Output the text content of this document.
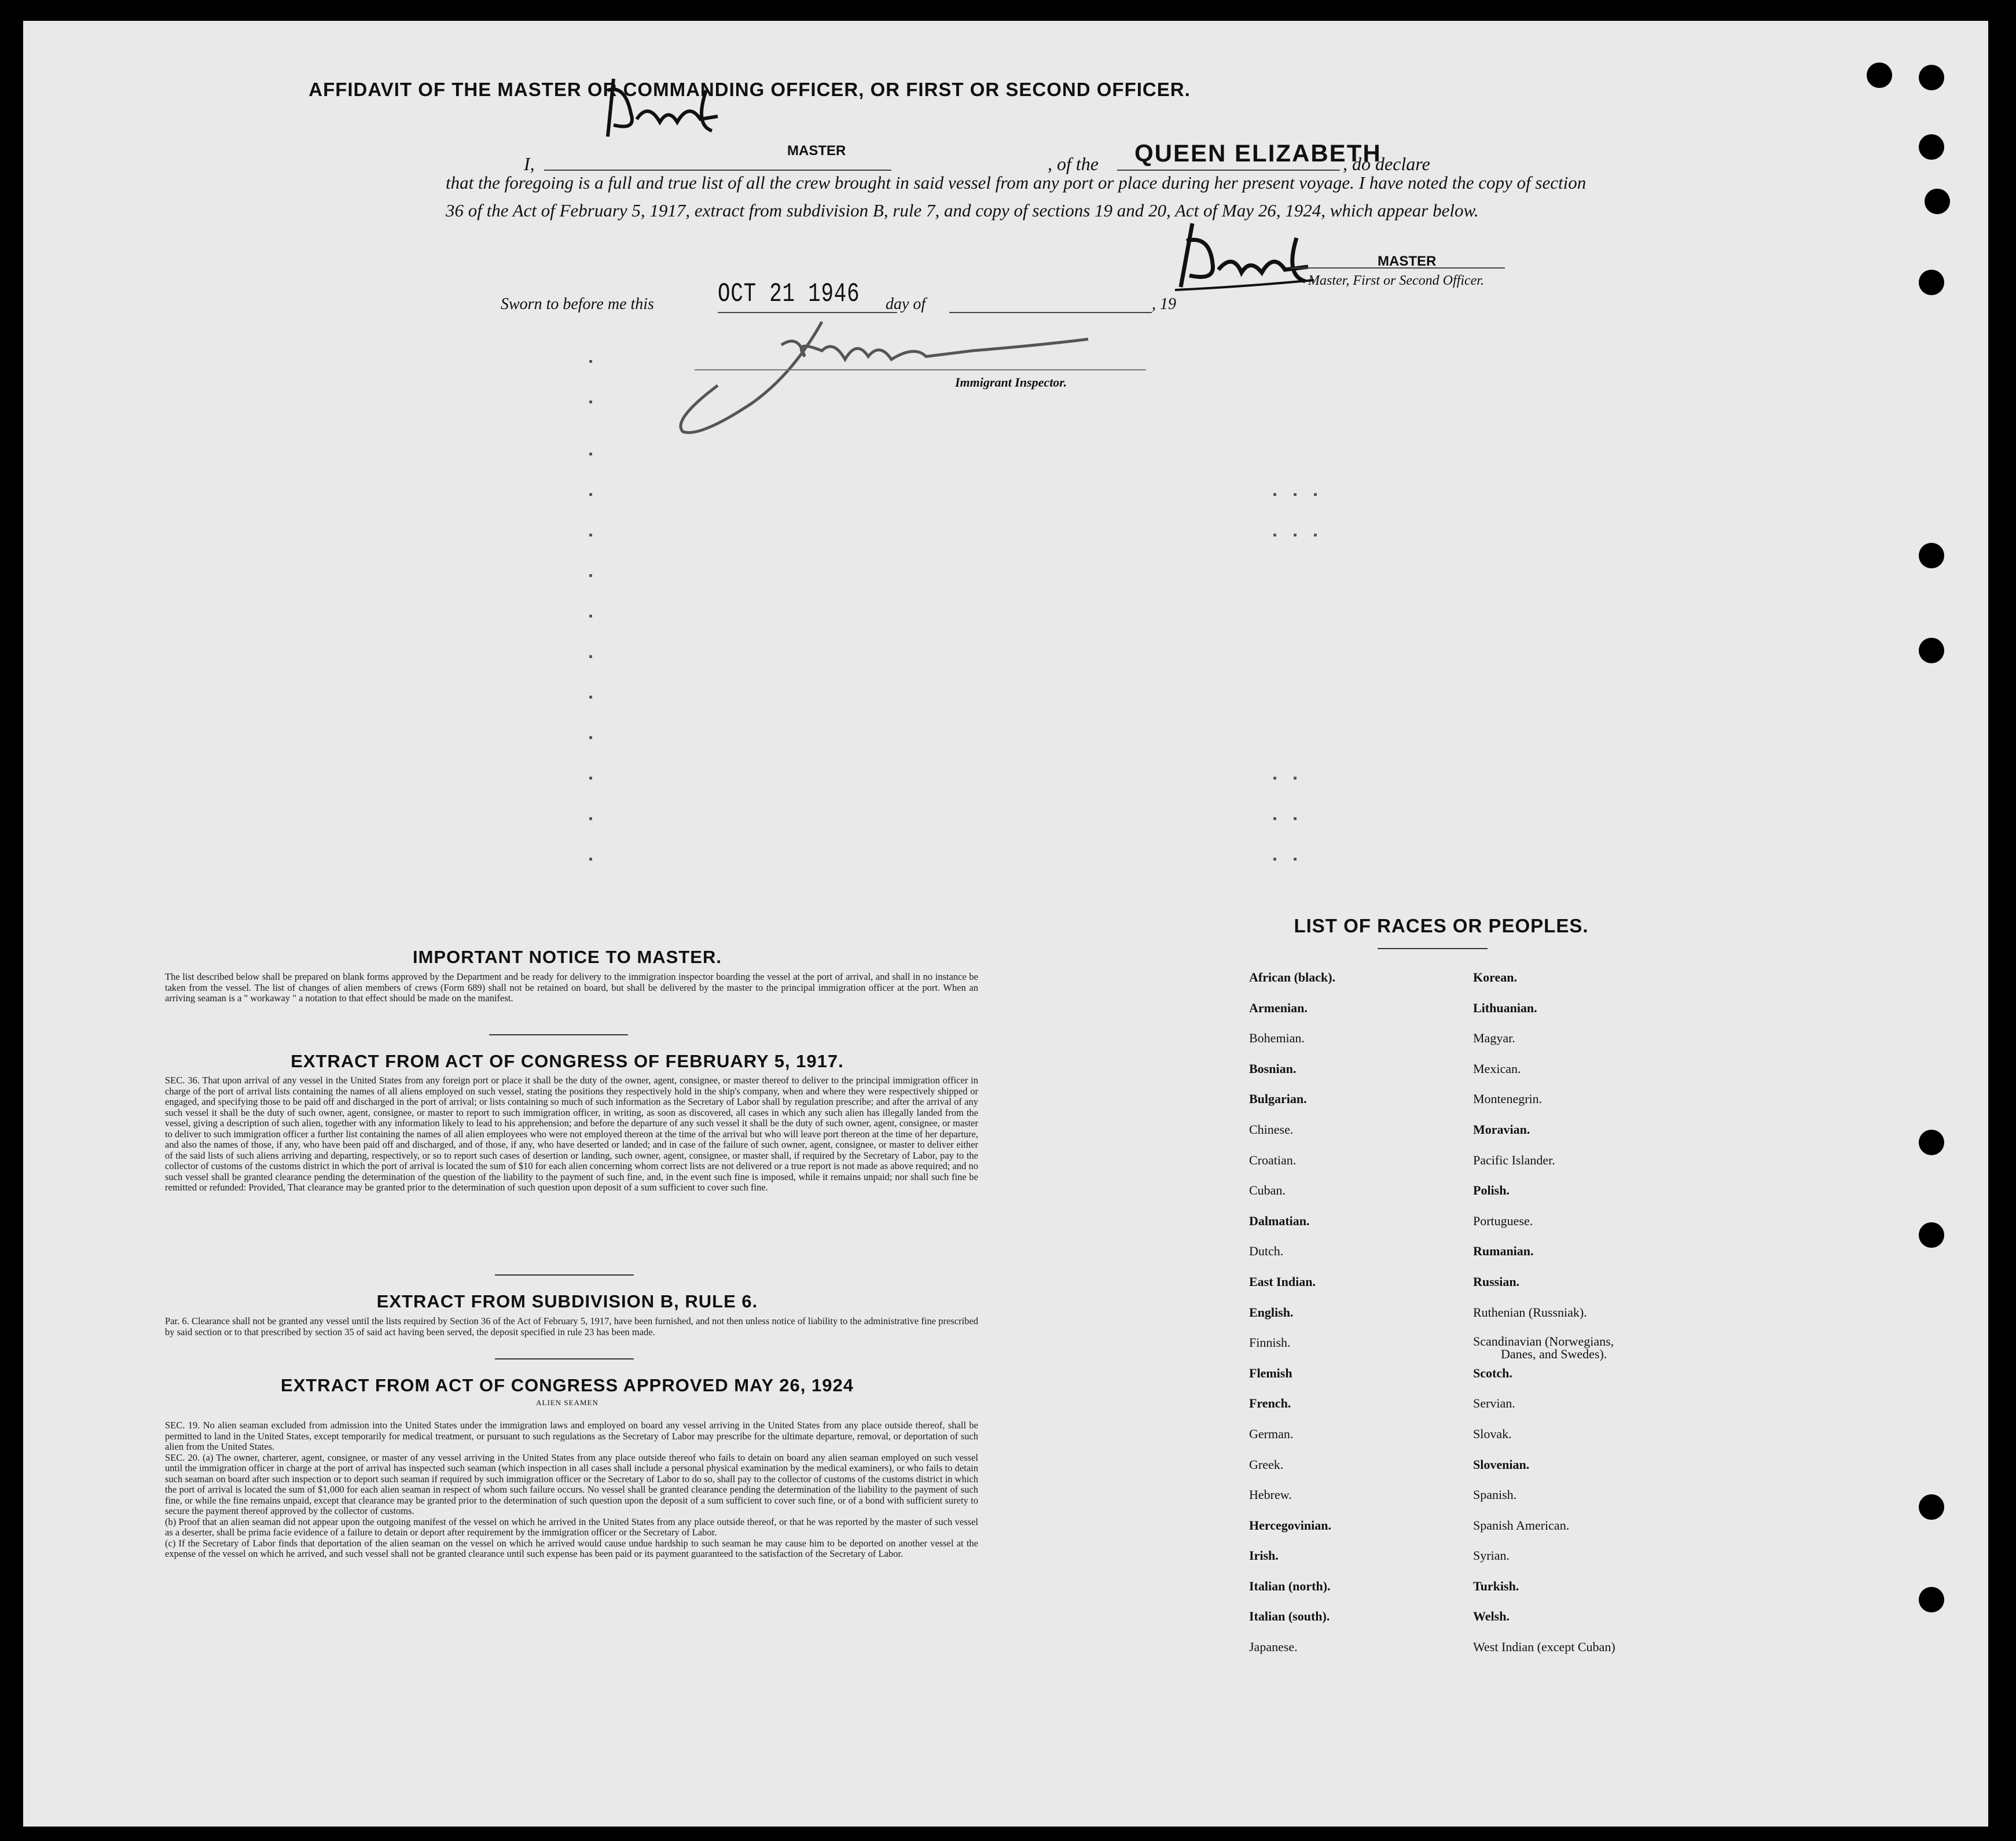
AFFIDAVIT OF THE MASTER OR COMMANDING OFFICER, OR FIRST OR SECOND OFFICER.
I,
MASTER
, of the QUEEN ELIZABETH
, do declare
that the foregoing is a full and true list of all the crew brought in said vessel from any port or place during her present voyage. I have noted the copy of section 36 of the Act of February 5, 1917, extract from subdivision B, rule 7, and copy of sections 19 and 20, Act of May 26, 1924, which appear below.
MASTER
Master, First or Second Officer.
Sworn to before me this OCT 21 1946 day of	, 19
Immigrant Inspector.
IMPORTANT NOTICE TO MASTER.
The list described below shall be prepared on blank forms approved by the Department and be ready for delivery to the immigration inspector boarding the vessel at the port of arrival, and shall in no instance be taken from the vessel. The list of changes of alien members of crews (Form 689) shall not be retained on board, but shall be delivered by the master to the principal immigration officer at the port. When an arriving seaman is a " workaway " a notation to that effect should be made on the manifest.
EXTRACT FROM ACT OF CONGRESS OF FEBRUARY 5, 1917.
SEC. 36. That upon arrival of any vessel in the United States from any foreign port or place it shall be the duty of the owner, agent, consignee, or master thereof to deliver to the principal immigration officer in charge of the port of arrival lists containing the names of all aliens employed on such vessel, stating the positions they respectively hold in the ship's company, when and where they were respectively shipped or engaged, and specifying those to be paid off and discharged in the port of arrival; or lists containing so much of such information as the Secretary of Labor shall by regulation prescribe; and after the arrival of any such vessel it shall be the duty of such owner, agent, consignee, or master to report to such immigration officer, in writing, as soon as discovered, all cases in which any such alien has illegally landed from the vessel, giving a description of such alien, together with any information likely to lead to his apprehension; and before the departure of any such vessel it shall be the duty of such owner, agent, consignee, or master to deliver to such immigration officer a further list containing the names of all alien employees who were not employed thereon at the time of the arrival but who will leave port thereon at the time of her departure, and also the names of those, if any, who have been paid off and discharged, and of those, if any, who have deserted or landed; and in case of the failure of such owner, agent, consignee, or master to deliver either of the said lists of such aliens arriving and departing, respectively, or so to report such cases of desertion or landing, such owner, agent, consignee, or master shall, if required by the Secretary of Labor, pay to the collector of customs of the customs district in which the port of arrival is located the sum of $10 for each alien concerning whom correct lists are not delivered or a true report is not made as above required; and no such vessel shall be granted clearance pending the determination of the question of the liability to the payment of such fine, and, in the event such fine is imposed, while it remains unpaid; nor shall such fine be remitted or refunded: Provided, That clearance may be granted prior to the determination of such question upon deposit of a sum sufficient to cover such fine.
EXTRACT FROM SUBDIVISION B, RULE 6.
Par. 6. Clearance shall not be granted any vessel until the lists required by Section 36 of the Act of February 5, 1917, have been furnished, and not then unless notice of liability to the administrative fine prescribed by said section or to that prescribed by section 35 of said act having been served, the deposit specified in rule 23 has been made.
EXTRACT FROM ACT OF CONGRESS APPROVED MAY 26, 1924
ALIEN SEAMEN
SEC. 19. No alien seaman excluded from admission into the United States under the immigration laws and employed on board any vessel arriving in the United States from any place outside thereof, shall be permitted to land in the United States, except temporarily for medical treatment, or pursuant to such regulations as the Secretary of Labor may prescribe for the ultimate departure, removal, or deportation of such alien from the United States.
SEC. 20. (a) The owner, charterer, agent, consignee, or master of any vessel arriving in the United States from any place outside thereof who fails to detain on board any alien seaman employed on such vessel until the immigration officer in charge at the port of arrival has inspected such seaman (which inspection in all cases shall include a personal physical examination by the medical examiners), or who fails to detain such seaman on board after such inspection or to deport such seaman if required by such immigration officer or the Secretary of Labor to do so, shall pay to the collector of customs of the customs district in which the port of arrival is located the sum of $1,000 for each alien seaman in respect of whom such failure occurs. No vessel shall be granted clearance pending the determination of the liability to the payment of such fine, or while the fine remains unpaid, except that clearance may be granted prior to the determination of such question upon the deposit of a sum sufficient to cover such fine, or of a bond with sufficient surety to secure the payment thereof approved by the collector of customs.
(b) Proof that an alien seaman did not appear upon the outgoing manifest of the vessel on which he arrived in the United States from any place outside thereof, or that he was reported by the master of such vessel as a deserter, shall be prima facie evidence of a failure to detain or deport after requirement by the immigration officer or the Secretary of Labor.
(c) If the Secretary of Labor finds that deportation of the alien seaman on the vessel on which he arrived would cause undue hardship to such seaman he may cause him to be deported on another vessel at the expense of the vessel on which he arrived, and such vessel shall not be granted clearance until such expense has been paid or its payment guaranteed to the satisfaction of the Secretary of Labor.
LIST OF RACES OR PEOPLES.
African (black).
Armenian.
Bohemian.
Bosnian.
Bulgarian.
Chinese.
Croatian.
Cuban.
Dalmatian.
Dutch.
East Indian.
English.
Finnish.
Flemish
French.
German.
Greek.
Hebrew.
Hercegovinian.
Irish.
Italian (north).
Italian (south).
Japanese.
Korean.
Lithuanian.
Magyar.
Mexican.
Montenegrin.
Moravian.
Pacific Islander.
Polish.
Portuguese.
Rumanian.
Russian.
Ruthenian (Russniak).
Scandinavian (Norwegians,
Danes, and Swedes).
Scotch.
Servian.
Slovak.
Slovenian.
Spanish.
Spanish American.
Syrian.
Turkish.
Welsh.
West Indian (except Cuban)
